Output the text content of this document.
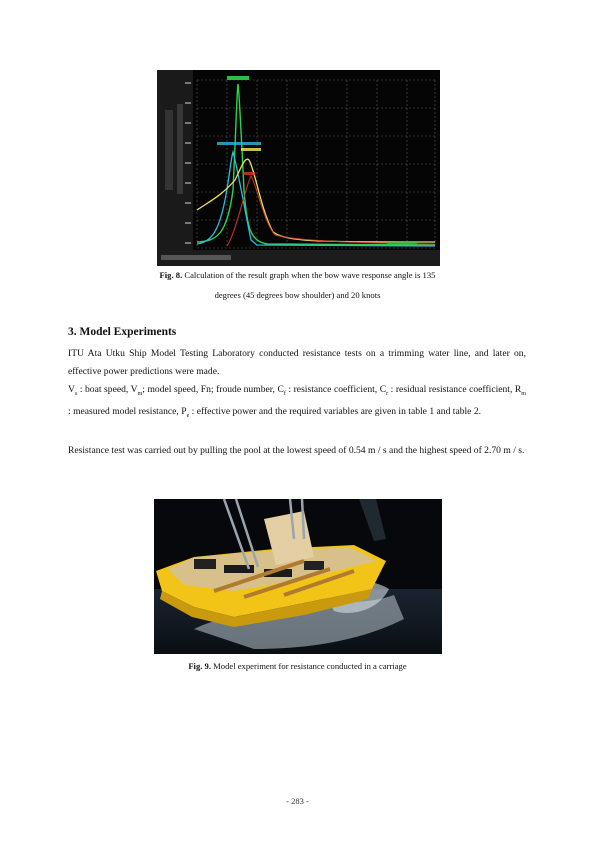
Fig. 8. Calculation of the result graph when the bow wave response angle is 135
degrees (45 degrees bow shoulder) and 20 knots
3. Model Experiments

ITU Ata Utku Ship Model Testing Laboratory conducted resistance tests on a trimming water line, and later on, effective power predictions were made.

$V_s$ : boat speed, $V_m$; model speed, Fn; froude number, $C_f$ : resistance coefficient, $C_r$ : residual resistance coefficient, $R_m$ : measured model resistance, $P_e$ : effective power and the required variables are given in table 1 and table 2.

Resistance test was carried out by pulling the pool at the lowest speed of 0.54 m / s and the highest speed of 2.70 m / s.

Fig. 9. Model experiment for resistance conducted in a carriage
- 283 -
